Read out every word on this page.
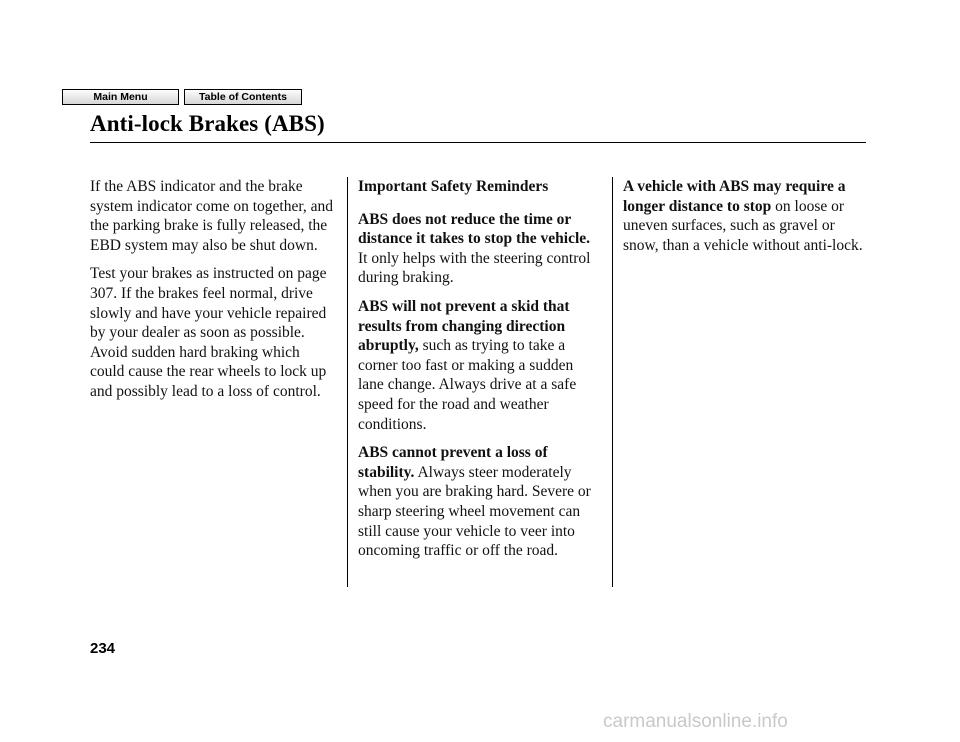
Main Menu	Table of Contents
Anti-lock Brakes (ABS)

If the ABS indicator and the brake system indicator come on together, and the parking brake is fully released, the EBD system may also be shut down.

Test your brakes as instructed on page 307. If the brakes feel normal, drive slowly and have your vehicle repaired by your dealer as soon as possible. Avoid sudden hard braking which could cause the rear wheels to lock up and possibly lead to a loss of control.

Important Safety Reminders

ABS does not reduce the time or distance it takes to stop the vehicle. It only helps with the steering control during braking.

ABS will not prevent a skid that results from changing direction abruptly, such as trying to take a corner too fast or making a sudden lane change. Always drive at a safe speed for the road and weather conditions.

ABS cannot prevent a loss of stability. Always steer moderately when you are braking hard. Severe or sharp steering wheel movement can still cause your vehicle to veer into oncoming traffic or off the road.

A vehicle with ABS may require a longer distance to stop on loose or uneven surfaces, such as gravel or snow, than a vehicle without anti-lock.

234
carmanualsonline.info
